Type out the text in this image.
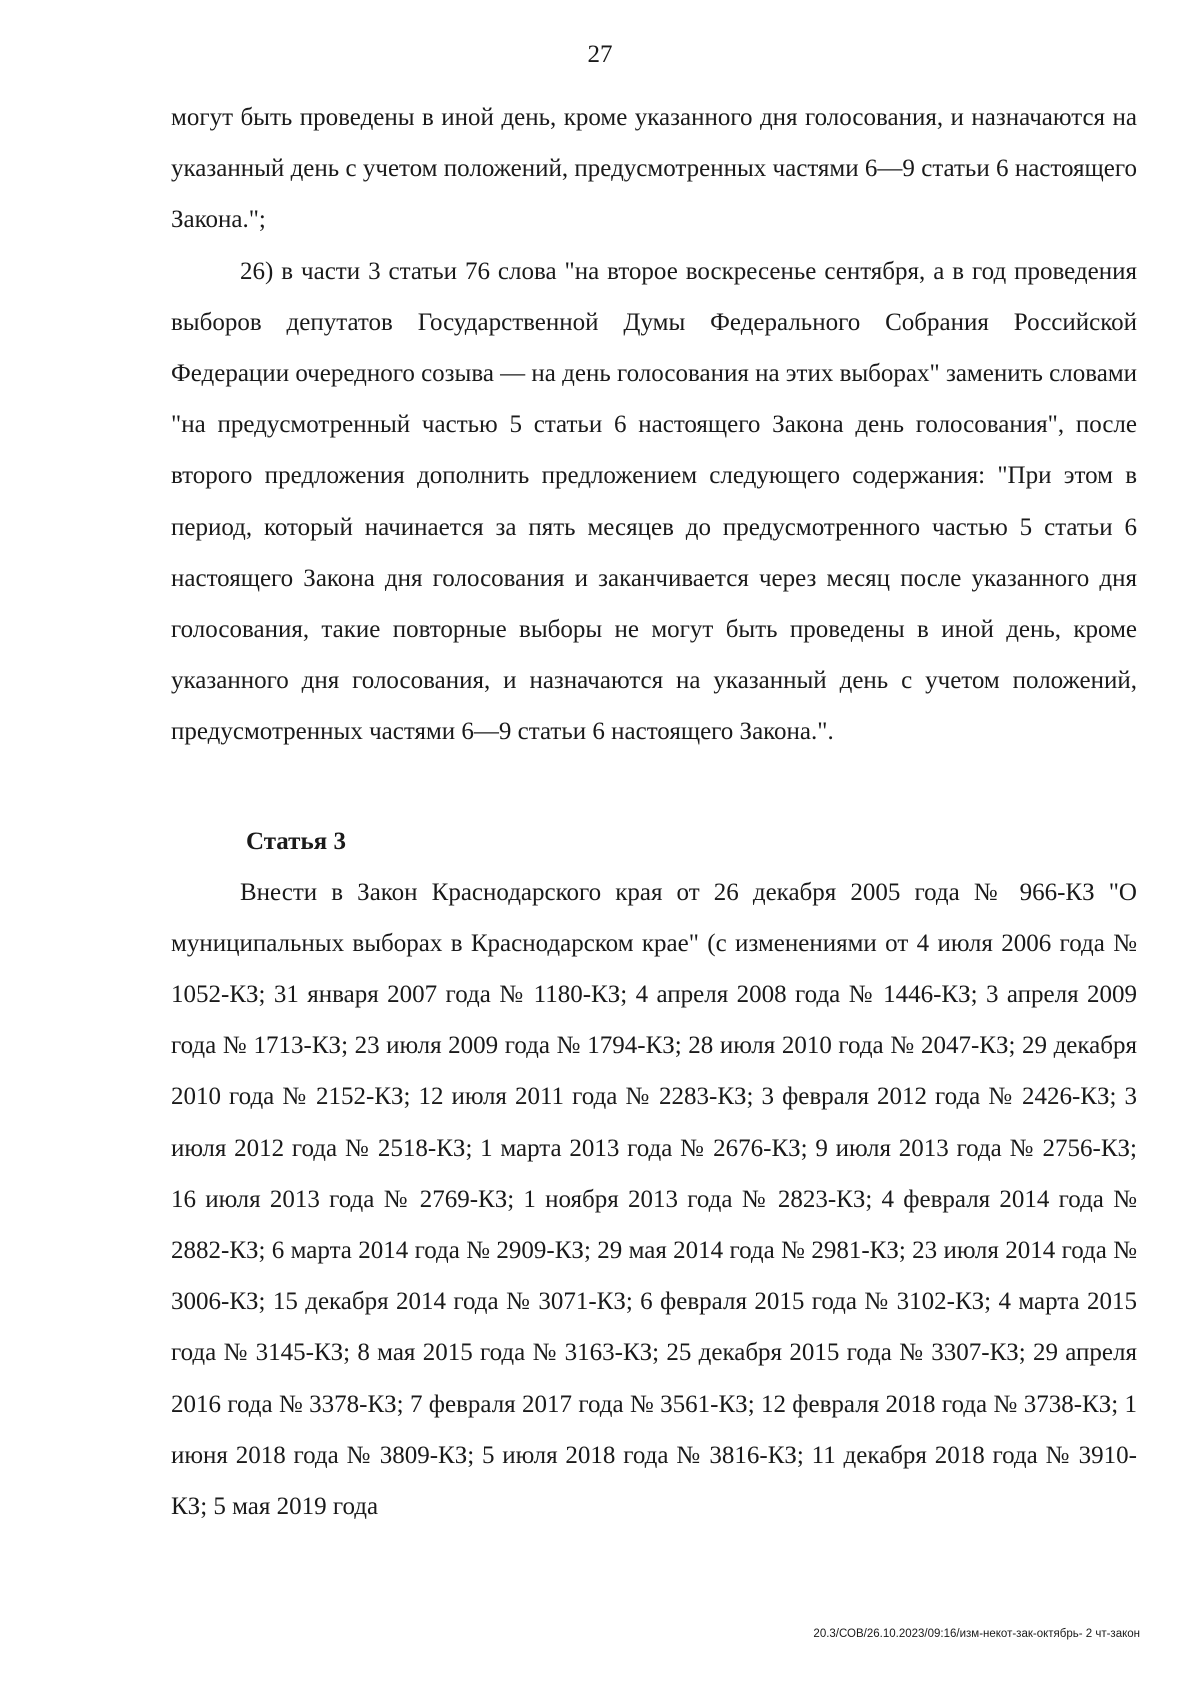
27

могут быть проведены в иной день, кроме указанного дня голосования, и назначаются на указанный день с учетом положений, предусмотренных частями 6—9 статьи 6 настоящего Закона.";

26) в части 3 статьи 76 слова "на второе воскресенье сентября, а в год проведения выборов депутатов Государственной Думы Федерального Собрания Российской Федерации очередного созыва — на день голосования на этих выборах" заменить словами "на предусмотренный частью 5 статьи 6 настоящего Закона день голосования", после второго предложения дополнить предложением следующего содержания: "При этом в период, который начинается за пять месяцев до предусмотренного частью 5 статьи 6 настоящего Закона дня голосования и заканчивается через месяц после указанного дня голосования, такие повторные выборы не могут быть проведены в иной день, кроме указанного дня голосования, и назначаются на указанный день с учетом положений, предусмотренных частями 6—9 статьи 6 настоящего Закона.".

Статья 3

Внести в Закон Краснодарского края от 26 декабря 2005 года № 966-КЗ "О муниципальных выборах в Краснодарском крае" (с изменениями от 4 июля 2006 года № 1052-КЗ; 31 января 2007 года № 1180-КЗ; 4 апреля 2008 года № 1446-КЗ; 3 апреля 2009 года № 1713-КЗ; 23 июля 2009 года № 1794-КЗ; 28 июля 2010 года № 2047-КЗ; 29 декабря 2010 года № 2152-КЗ; 12 июля 2011 года № 2283-КЗ; 3 февраля 2012 года № 2426-КЗ; 3 июля 2012 года № 2518-КЗ; 1 марта 2013 года № 2676-КЗ; 9 июля 2013 года № 2756-КЗ; 16 июля 2013 года № 2769-КЗ; 1 ноября 2013 года № 2823-КЗ; 4 февраля 2014 года № 2882-КЗ; 6 марта 2014 года № 2909-КЗ; 29 мая 2014 года № 2981-КЗ; 23 июля 2014 года № 3006-КЗ; 15 декабря 2014 года № 3071-КЗ; 6 февраля 2015 года № 3102-КЗ; 4 марта 2015 года № 3145-КЗ; 8 мая 2015 года № 3163-КЗ; 25 декабря 2015 года № 3307-КЗ; 29 апреля 2016 года № 3378-КЗ; 7 февраля 2017 года № 3561-КЗ; 12 февраля 2018 года № 3738-КЗ; 1 июня 2018 года № 3809-КЗ; 5 июля 2018 года № 3816-КЗ; 11 декабря 2018 года № 3910-КЗ; 5 мая 2019 года

20.3/СОВ/26.10.2023/09:16/изм-некот-зак-октябрь- 2 чт-закон
